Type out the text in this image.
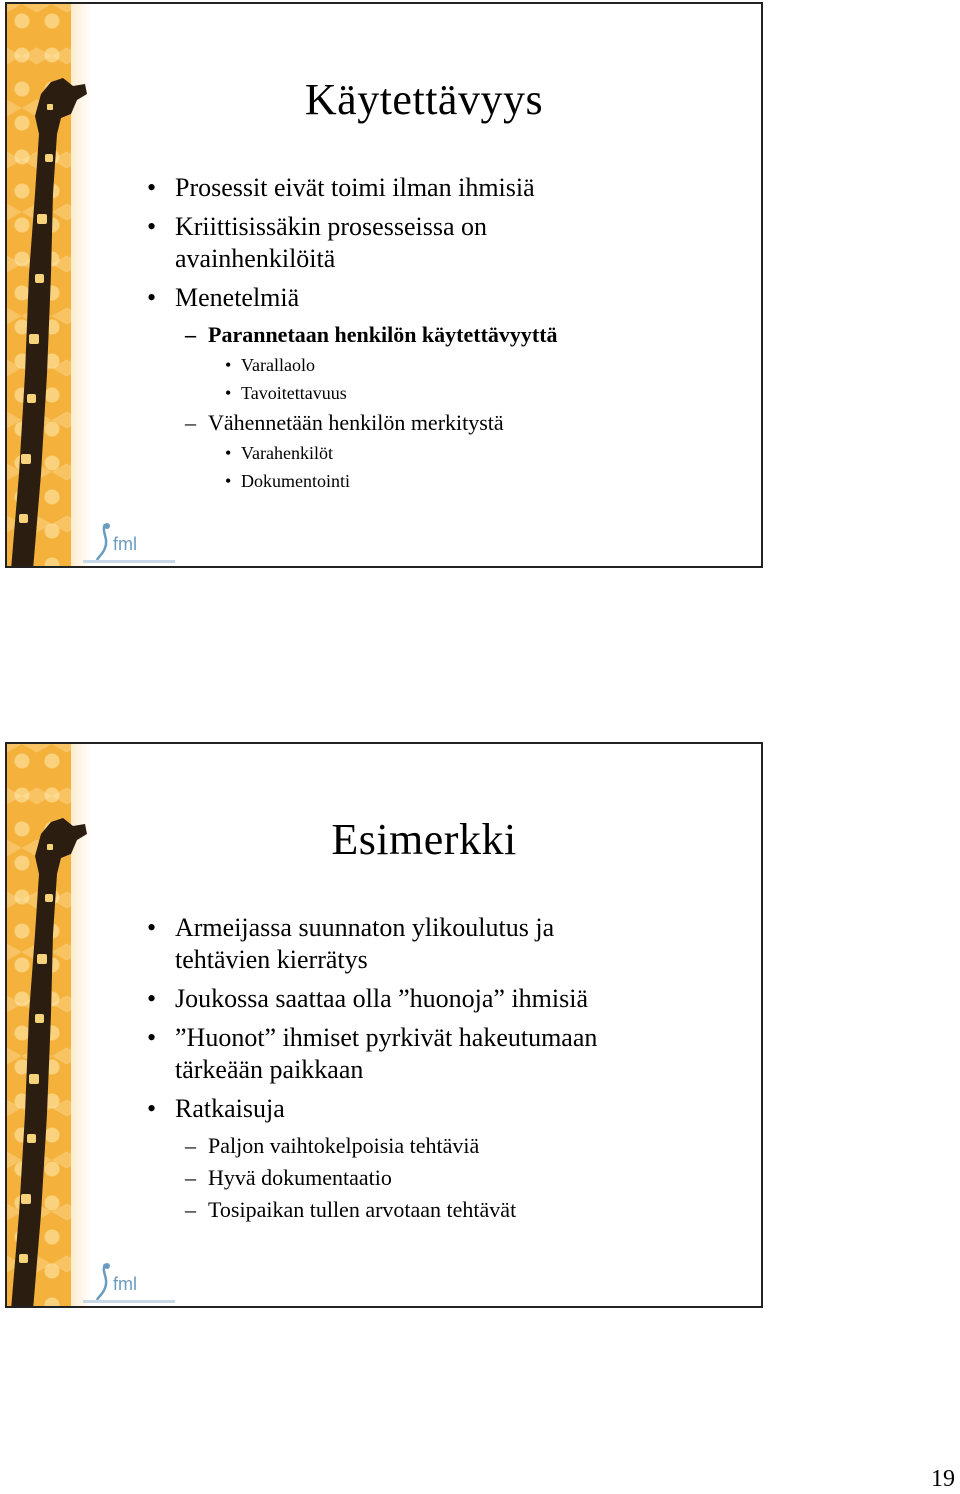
fml
Käytettävyys
• Prosessit eivät toimi ilman ihmisiä
• Kriittisissäkin prosesseissa on avainhenkilöitä
• Menetelmiä
– Parannetaan henkilön käytettävyyttä
• Varallaolo
• Tavoitettavuus
– Vähennetään henkilön merkitystä
• Varahenkilöt
• Dokumentointi
fml
Esimerkki
• Armeijassa suunnaton ylikoulutus ja tehtävien kierrätys
• Joukossa saattaa olla ”huonoja” ihmisiä
• ”Huonot” ihmiset pyrkivät hakeutumaan tärkeään paikkaan
• Ratkaisuja
– Paljon vaihtokelpoisia tehtäviä
– Hyvä dokumentaatio
– Tosipaikan tullen arvotaan tehtävät
19
